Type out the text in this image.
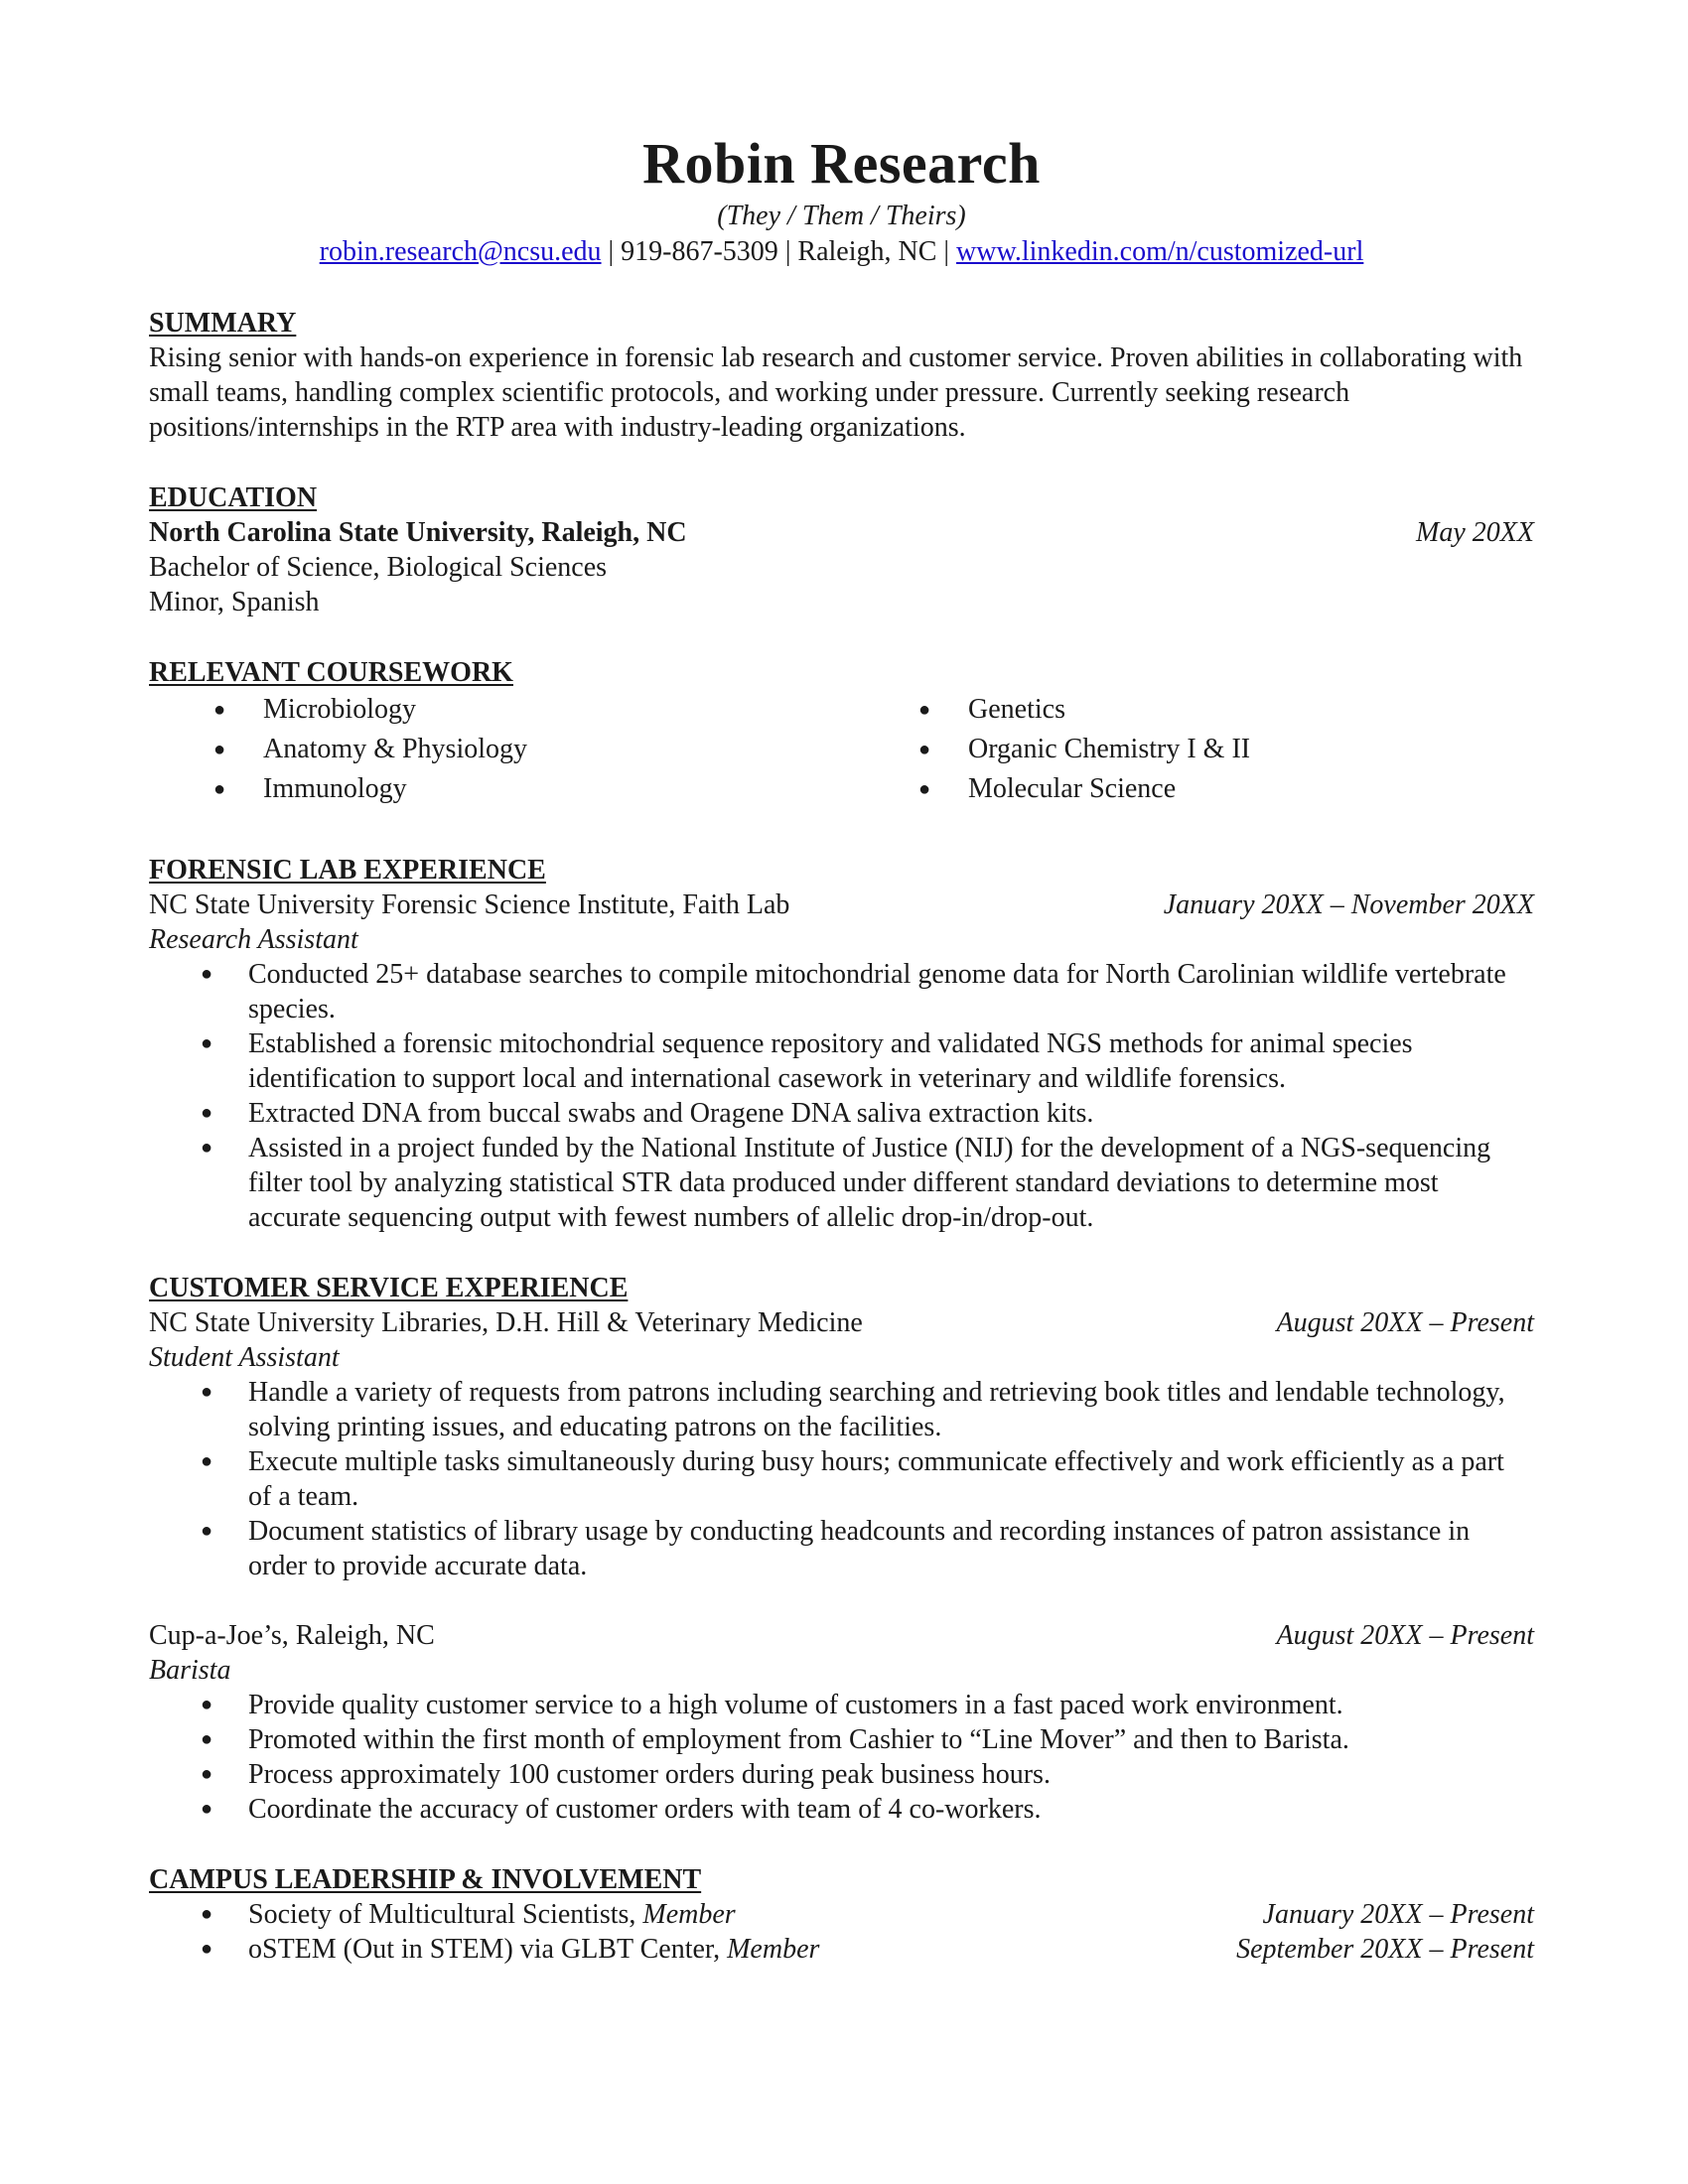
Robin Research
(They / Them / Theirs)
robin.research@ncsu.edu | 919-867-5309 | Raleigh, NC | www.linkedin.com/n/customized-url
SUMMARY

Rising senior with hands-on experience in forensic lab research and customer service. Proven abilities in collaborating with small teams, handling complex scientific protocols, and working under pressure. Currently seeking research positions/internships in the RTP area with industry-leading organizations.

EDUCATION
North Carolina State University, Raleigh, NC	May 20XX
Bachelor of Science, Biological Sciences
Minor, Spanish
RELEVANT COURSEWORK
● Microbiology	● Genetics
● Anatomy & Physiology	● Organic Chemistry I & II
● Immunology	● Molecular Science
FORENSIC LAB EXPERIENCE
NC State University Forensic Science Institute, Faith Lab	January 20XX – November 20XX
Research Assistant
● Conducted 25+ database searches to compile mitochondrial genome data for North Carolinian wildlife vertebrate species.
● Established a forensic mitochondrial sequence repository and validated NGS methods for animal species identification to support local and international casework in veterinary and wildlife forensics.
● Extracted DNA from buccal swabs and Oragene DNA saliva extraction kits.
● Assisted in a project funded by the National Institute of Justice (NIJ) for the development of a NGS-sequencing filter tool by analyzing statistical STR data produced under different standard deviations to determine most accurate sequencing output with fewest numbers of allelic drop-in/drop-out.
CUSTOMER SERVICE EXPERIENCE
NC State University Libraries, D.H. Hill & Veterinary Medicine	August 20XX – Present
Student Assistant
● Handle a variety of requests from patrons including searching and retrieving book titles and lendable technology, solving printing issues, and educating patrons on the facilities.
● Execute multiple tasks simultaneously during busy hours; communicate effectively and work efficiently as a part of a team.
● Document statistics of library usage by conducting headcounts and recording instances of patron assistance in order to provide accurate data.
Cup-a-Joe’s, Raleigh, NC	August 20XX – Present
Barista
● Provide quality customer service to a high volume of customers in a fast paced work environment.
● Promoted within the first month of employment from Cashier to “Line Mover” and then to Barista.
● Process approximately 100 customer orders during peak business hours.
● Coordinate the accuracy of customer orders with team of 4 co-workers.
CAMPUS LEADERSHIP & INVOLVEMENT
● Society of Multicultural Scientists, Member	January 20XX – Present
● oSTEM (Out in STEM) via GLBT Center, Member	September 20XX – Present
